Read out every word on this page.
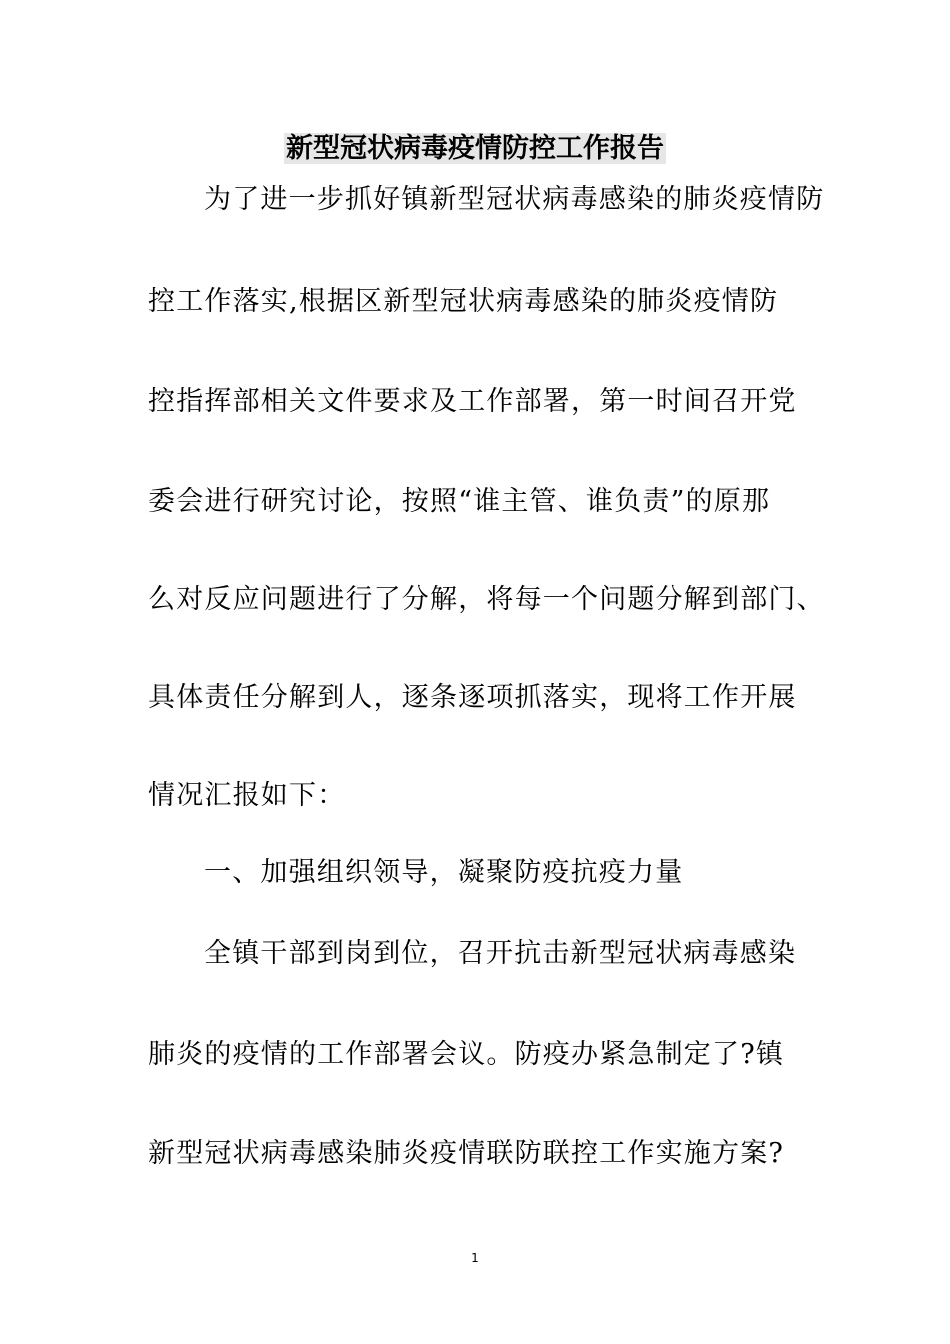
新型冠状病毒疫情防控工作报告

为了进一步抓好镇新型冠状病毒感染的肺炎疫情防

控工作落实,根据区新型冠状病毒感染的肺炎疫情防

控指挥部相关文件要求及工作部署，第一时间召开党

委会进行研究讨论，按照“谁主管、谁负责”的原那

么对反应问题进行了分解，将每一个问题分解到部门、

具体责任分解到人，逐条逐项抓落实，现将工作开展

情况汇报如下：

一、加强组织领导，凝聚防疫抗疫力量

全镇干部到岗到位，召开抗击新型冠状病毒感染

肺炎的疫情的工作部署会议。防疫办紧急制定了?镇

新型冠状病毒感染肺炎疫情联防联控工作实施方案?

1
